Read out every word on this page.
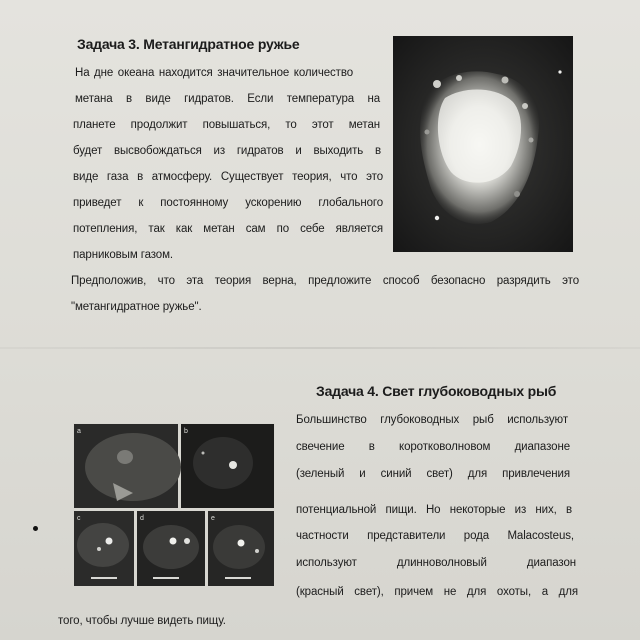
Задача 3. Метангидратное ружье
На дне океана находится значительное количество
метана в виде гидратов. Если температура на
планете продолжит повышаться, то этот метан
будет высвобождаться из гидратов и выходить в
виде газа в атмосферу. Существует теория, что это
приведет к постоянному ускорению глобального
потепления, так как метан сам по себе является
парниковым газом.
Предположив, что эта теория верна, предложите способ безопасно разрядить это
"метангидратное ружье".
Задача 4. Свет глубоководных рыб
Большинство глубоководных рыб используют
свечение в коротковолновом диапазоне
(зеленый и синий свет) для привлечения
потенциальной пищи. Но некоторые из них, в
частности представители рода Malacosteus,
используют длинноволновый диапазон
(красный свет), причем не для охоты, а для
того, чтобы лучше видеть пищу.
a	b
c	d	e
